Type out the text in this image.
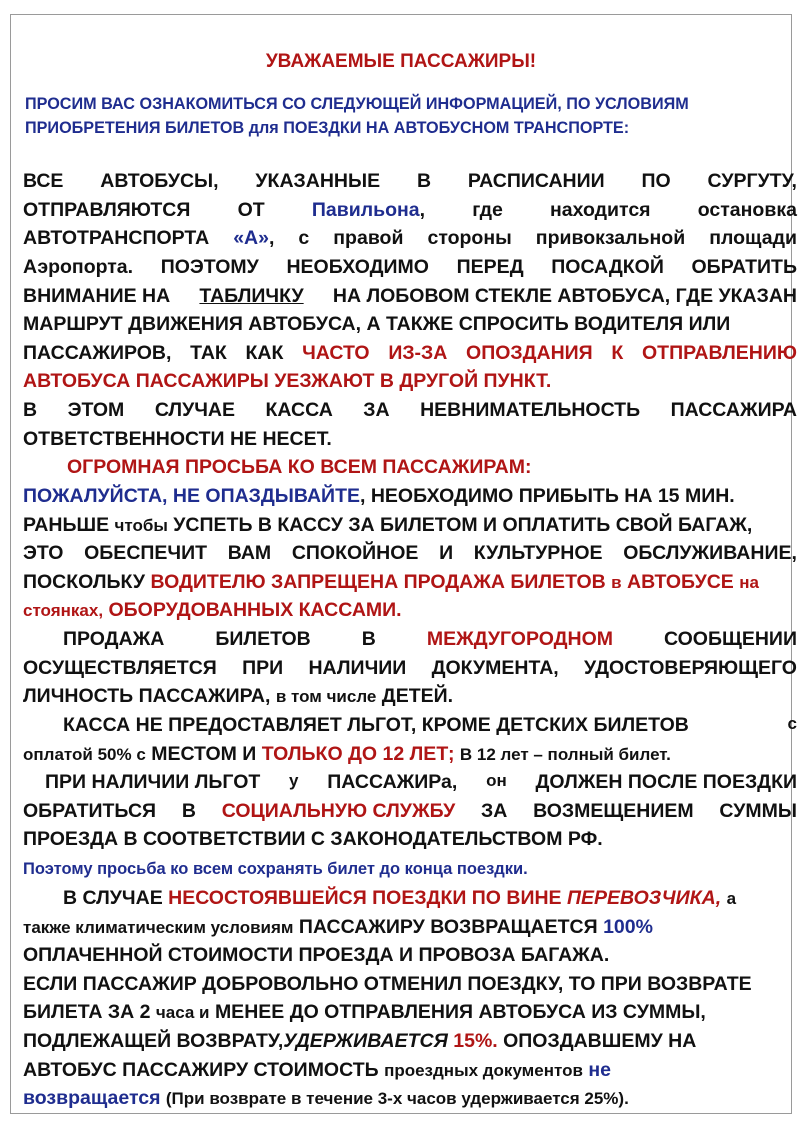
УВАЖАЕМЫЕ ПАССАЖИРЫ!
ПРОСИМ ВАС ОЗНАКОМИТЬСЯ СО СЛЕДУЮЩЕЙ ИНФОРМАЦИЕЙ, ПО УСЛОВИЯМ
ПРИОБРЕТЕНИЯ БИЛЕТОВ для ПОЕЗДКИ НА АВТОБУСНОМ ТРАНСПОРТЕ:
ВСЕ АВТОБУСЫ, УКАЗАННЫЕ В РАСПИСАНИИ ПО СУРГУТУ,
ОТПРАВЛЯЮТСЯ ОТ Павильона, где находится остановка
АВТОТРАНСПОРТА «А», с правой стороны привокзальной площади
Аэропорта. ПОЭТОМУ НЕОБХОДИМО ПЕРЕД ПОСАДКОЙ ОБРАТИТЬ
ВНИМАНИЕ НА ТАБЛИЧКУ НА ЛОБОВОМ СТЕКЛЕ АВТОБУСА, ГДЕ УКАЗАН
МАРШРУТ ДВИЖЕНИЯ АВТОБУСА, А ТАКЖЕ СПРОСИТЬ ВОДИТЕЛЯ ИЛИ
ПАССАЖИРОВ, ТАК КАК ЧАСТО ИЗ-ЗА ОПОЗДАНИЯ К ОТПРАВЛЕНИЮ
АВТОБУСА ПАССАЖИРЫ УЕЗЖАЮТ В ДРУГОЙ ПУНКТ.
В ЭТОМ СЛУЧАЕ КАССА ЗА НЕВНИМАТЕЛЬНОСТЬ ПАССАЖИРА
ОТВЕТСТВЕННОСТИ НЕ НЕСЕТ.
ОГРОМНАЯ ПРОСЬБА КО ВСЕМ ПАССАЖИРАМ:
ПОЖАЛУЙСТА, НЕ ОПАЗДЫВАЙТЕ, НЕОБХОДИМО ПРИБЫТЬ НА 15 МИН.
РАНЬШЕ чтобы УСПЕТЬ В КАССУ ЗА БИЛЕТОМ И ОПЛАТИТЬ СВОЙ БАГАЖ,
ЭТО ОБЕСПЕЧИТ ВАМ СПОКОЙНОЕ И КУЛЬТУРНОЕ ОБСЛУЖИВАНИЕ,
ПОСКОЛЬКУ ВОДИТЕЛЮ ЗАПРЕЩЕНА ПРОДАЖА БИЛЕТОВ в АВТОБУСЕ на
стоянках, ОБОРУДОВАННЫХ КАССАМИ.
ПРОДАЖА	БИЛЕТОВ	В	МЕЖДУГОРОДНОМ	СООБЩЕНИИ
ОСУЩЕСТВЛЯЕТСЯ ПРИ НАЛИЧИИ ДОКУМЕНТА, УДОСТОВЕРЯЮЩЕГО
ЛИЧНОСТЬ ПАССАЖИРА, в том числе ДЕТЕЙ.
КАССА НЕ ПРЕДОСТАВЛЯЕТ ЛЬГОТ, КРОМЕ ДЕТСКИХ БИЛЕТОВ	с
оплатой 50% с МЕСТОМ И ТОЛЬКО ДО 12 ЛЕТ; В 12 лет – полный билет.
ПРИ НАЛИЧИИ ЛЬГОТ у ПАССАЖИРа, он ДОЛЖЕН ПОСЛЕ ПОЕЗДКИ
ОБРАТИТЬСЯ В СОЦИАЛЬНУЮ СЛУЖБУ ЗА ВОЗМЕЩЕНИЕМ СУММЫ
ПРОЕЗДА В СООТВЕТСТВИИ С ЗАКОНОДАТЕЛЬСТВОМ РФ.
Поэтому просьба ко всем сохранять билет до конца поездки.
В СЛУЧАЕ НЕСОСТОЯВШЕЙСЯ ПОЕЗДКИ ПО ВИНЕ ПЕРЕВОЗЧИКА, а
также климатическим условиям ПАССАЖИРУ ВОЗВРАЩАЕТСЯ 100%
ОПЛАЧЕННОЙ СТОИМОСТИ ПРОЕЗДА И ПРОВОЗА БАГАЖА.
ЕСЛИ ПАССАЖИР ДОБРОВОЛЬНО ОТМЕНИЛ ПОЕЗДКУ, ТО ПРИ ВОЗВРАТЕ
БИЛЕТА ЗА 2 часа и МЕНЕЕ ДО ОТПРАВЛЕНИЯ АВТОБУСА ИЗ СУММЫ,
ПОДЛЕЖАЩЕЙ ВОЗВРАТУ,УДЕРЖИВАЕТСЯ 15%. ОПОЗДАВШЕМУ НА
АВТОБУС ПАССАЖИРУ СТОИМОСТЬ проездных документов не
возвращается (При возврате в течение 3-х часов удерживается 25%).
